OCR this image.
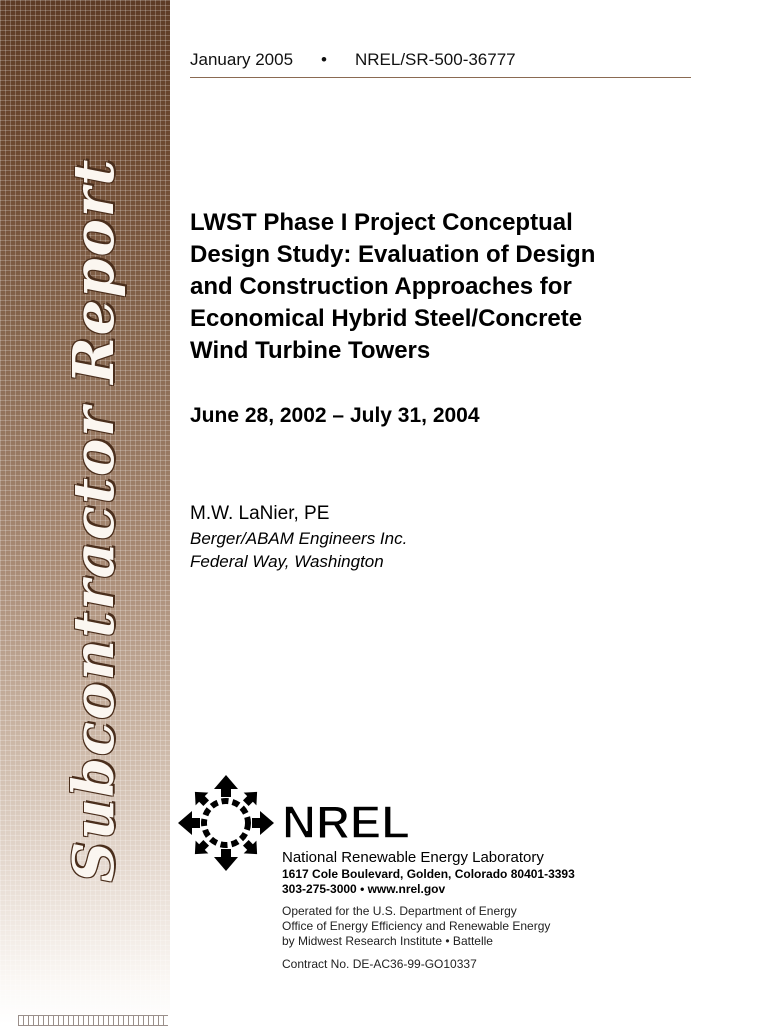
Subcontractor Report
January 2005 • NREL/SR-500-36777
LWST Phase I Project Conceptual
Design Study: Evaluation of Design
and Construction Approaches for
Economical Hybrid Steel/Concrete
Wind Turbine Towers
June 28, 2002 – July 31, 2004
M.W. LaNier, PE
Berger/ABAM Engineers Inc.
Federal Way, Washington
NREL
National Renewable Energy Laboratory
1617 Cole Boulevard, Golden, Colorado 80401-3393
303-275-3000 • www.nrel.gov
Operated for the U.S. Department of Energy
Office of Energy Efficiency and Renewable Energy
by Midwest Research Institute • Battelle
Contract No. DE-AC36-99-GO10337
